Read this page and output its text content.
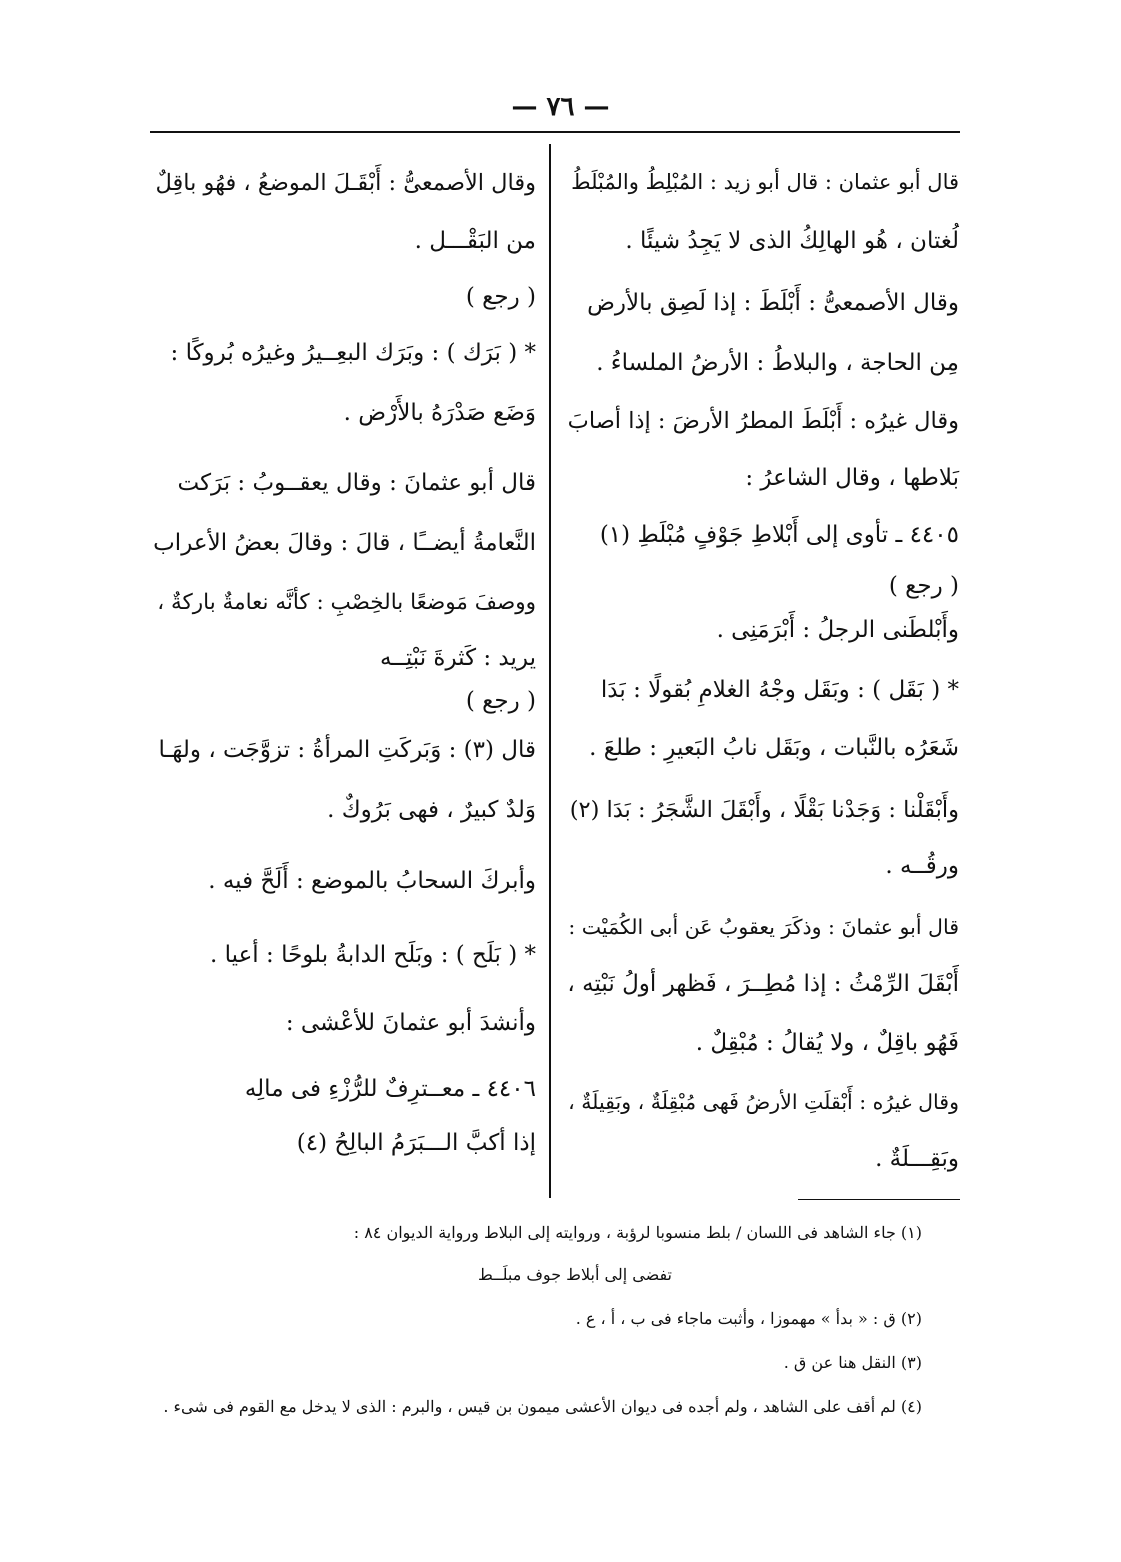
— ٧٦ —
قال أبو عثمان : قال أبو زيد : المُبْلِطُ والمُبْلَطُ
لُغتان ، هُو الهالِكُ الذى لا يَجِدُ شيئًا .
وقال الأصمعىُّ : أَبْلَطَ : إذا لَصِق بالأرض
مِن الحاجة ، والبلاطُ : الأرضُ الملساءُ .
وقال غيرُه : أَبْلَطَ المطرُ الأرضَ : إذا أصابَ
بَلاطها ، وقال الشاعرُ :
٤٤٠٥ ـ تأوى إلى أَبْلاطِ جَوْفٍ مُبْلَطِ (١)
( رجع )
وأَبْلطَنى الرجلُ : أَبْرَمَنِى .
* ( بَقَل ) : وبَقَل وجْهُ الغلامِ بُقولًا : بَدَا
شَعَرُه بالنَّبات ، وبَقَل نابُ البَعيرِ : طلعَ .
وأَبْقَلْنا : وَجَدْنا بَقْلًا ، وأَبْقَلَ الشَّجَرُ : بَدَا (٢)
ورقُــه .
قال أبو عثمانَ : وذكَرَ يعقوبُ عَن أبى الكُمَيْت :
أَبْقَلَ الرِّمْثُ : إذا مُطِــرَ ، فَظهر أولُ نَبْتِه ،
فَهُو باقِلٌ ، ولا يُقالُ : مُبْقِلٌ .
وقال غيرُه : أَبْقلَتِ الأرضُ فَهى مُبْقِلَةٌ ، وبَقِيلَةٌ ،
وبَقِـــلَةٌ .
وقال الأصمعىُّ : أَبْقَـلَ الموضعُ ، فهُو باقِلٌ
من البَقْـــل .
( رجع )
* ( بَرَك ) : وبَرَك البعِــيرُ وغيرُه بُروكًا :
وَضَع صَدْرَهُ بالأَرْض .
قال أبو عثمانَ : وقال يعقــوبُ : بَرَكت
النَّعامةُ أيضــًا ، قالَ : وقالَ بعضُ الأعراب
ووصفَ مَوضعًا بالخِصْبِ : كأنَّه نعامةٌ باركةٌ ،
يريد : كَثرةَ نَبْتِــه
( رجع )
قال (٣) : وَبَركَتِ المرأةُ : تزوَّجَت ، ولهَـا
وَلدٌ كبيرٌ ، فهى بَرُوكٌ .
وأبركَ السحابُ بالموضع : أَلَحَّ فيه .
* ( بَلَح ) : وبَلَح الدابةُ بلوحًا : أعيا .
وأنشدَ أبو عثمانَ للأعْشى :
٤٤٠٦ ـ معــترِفٌ للرُّزْءِ فى مالِه
إذا أكبَّ الـــبَرَمُ البالِحُ (٤)
(١) جاء الشاهد فى اللسان / بلط منسوبا لرؤبة ، وروايته إلى البلاط ورواية الديوان ٨٤ :
تفضى إلى أبلاط جوف مبلَــط
(٢) ق : « بدأ » مهموزا ، وأثبت ماجاء فى ب ، أ ، ع .
(٣) النقل هنا عن ق .
(٤) لم أقف على الشاهد ، ولم أجده فى ديوان الأعشى ميمون بن قيس ، والبرم : الذى لا يدخل مع القوم فى شىء .
